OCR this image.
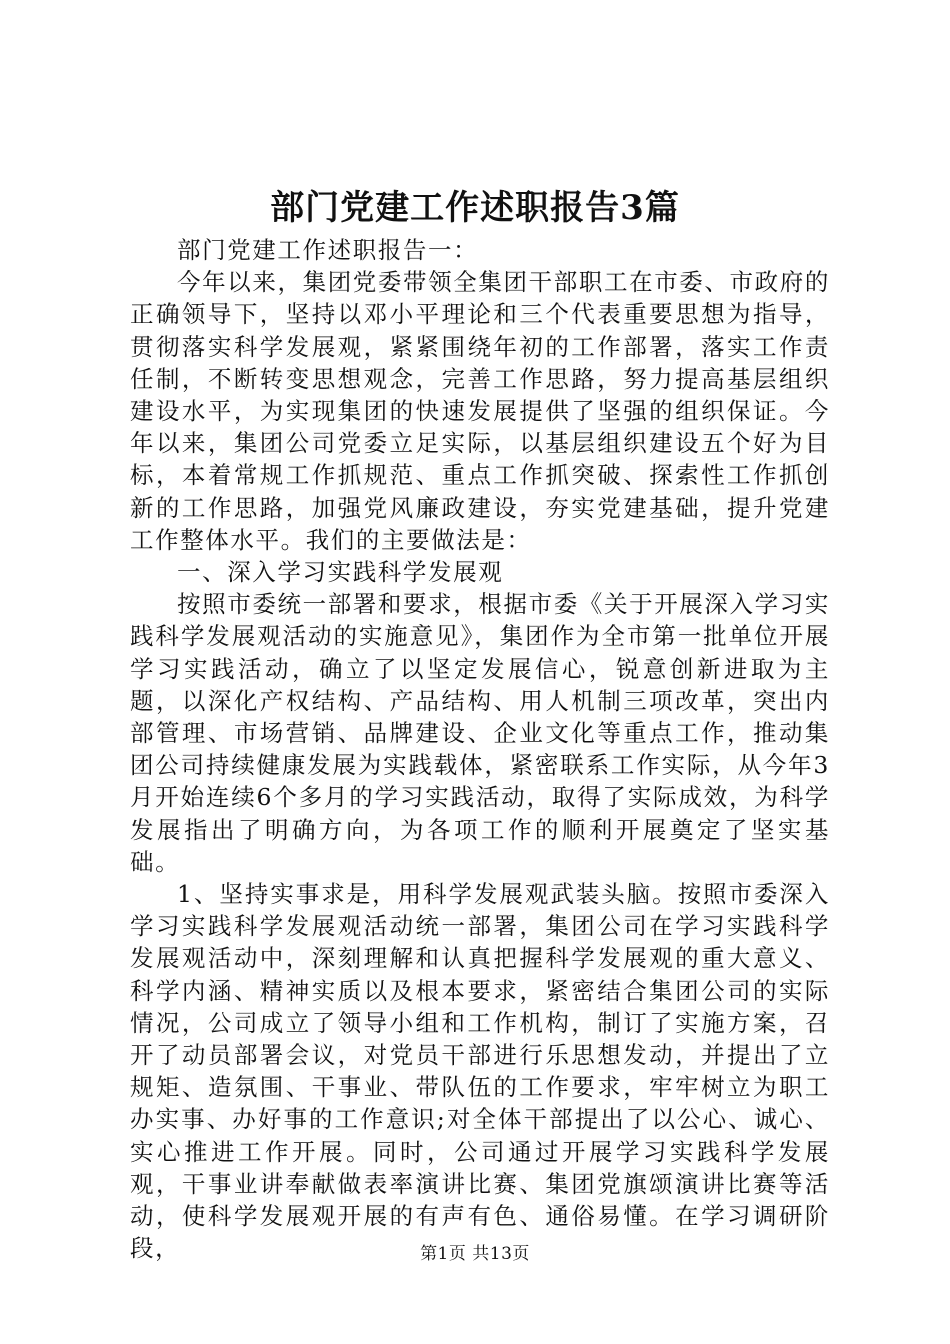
部门党建工作述职报告3篇

部门党建工作述职报告一：

今年以来，集团党委带领全集团干部职工在市委、市政府的正确领导下，坚持以邓小平理论和三个代表重要思想为指导，贯彻落实科学发展观，紧紧围绕年初的工作部署，落实工作责任制，不断转变思想观念，完善工作思路，努力提高基层组织建设水平，为实现集团的快速发展提供了坚强的组织保证。今年以来，集团公司党委立足实际，以基层组织建设五个好为目标，本着常规工作抓规范、重点工作抓突破、探索性工作抓创新的工作思路，加强党风廉政建设，夯实党建基础，提升党建工作整体水平。我们的主要做法是：

一、深入学习实践科学发展观

按照市委统一部署和要求，根据市委《关于开展深入学习实践科学发展观活动的实施意见》，集团作为全市第一批单位开展学习实践活动，确立了以坚定发展信心，锐意创新进取为主题，以深化产权结构、产品结构、用人机制三项改革，突出内部管理、市场营销、品牌建设、企业文化等重点工作，推动集团公司持续健康发展为实践载体，紧密联系工作实际，从今年3月开始连续6个多月的学习实践活动，取得了实际成效，为科学发展指出了明确方向，为各项工作的顺利开展奠定了坚实基础。

1、坚持实事求是，用科学发展观武装头脑。按照市委深入学习实践科学发展观活动统一部署，集团公司在学习实践科学发展观活动中，深刻理解和认真把握科学发展观的重大意义、科学内涵、精神实质以及根本要求，紧密结合集团公司的实际情况，公司成立了领导小组和工作机构，制订了实施方案，召开了动员部署会议，对党员干部进行乐思想发动，并提出了立规矩、造氛围、干事业、带队伍的工作要求，牢牢树立为职工办实事、办好事的工作意识;对全体干部提出了以公心、诚心、实心推进工作开展。同时，公司通过开展学习实践科学发展观，干事业讲奉献做表率演讲比赛、集团党旗颂演讲比赛等活动，使科学发展观开展的有声有色、通俗易懂。在学习调研阶段，	第1页 共13页
